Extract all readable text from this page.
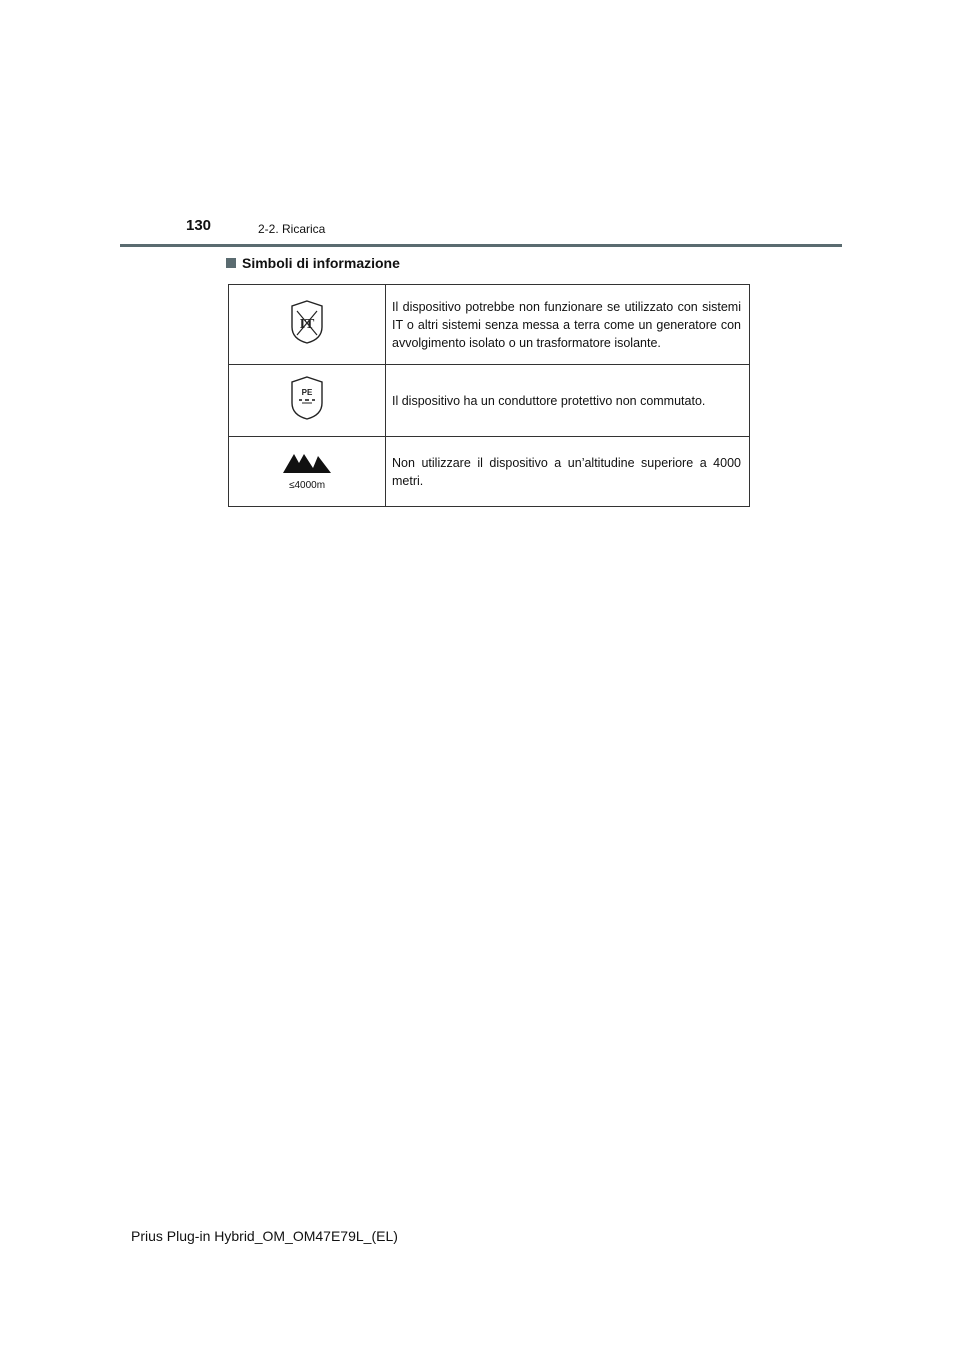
130	2-2. Ricarica
Simboli di informazione
IT	Il dispositivo potrebbe non funzionare se utilizzato con sistemi IT o altri sistemi senza messa a terra come un generatore con avvolgimento isolato o un trasformatore isolante.

PE	Il dispositivo ha un conduttore protettivo non commutato.

≤4000m	Non utilizzare il dispositivo a un’altitudine superiore a 4000 metri.
Prius Plug-in Hybrid_OM_OM47E79L_(EL)
